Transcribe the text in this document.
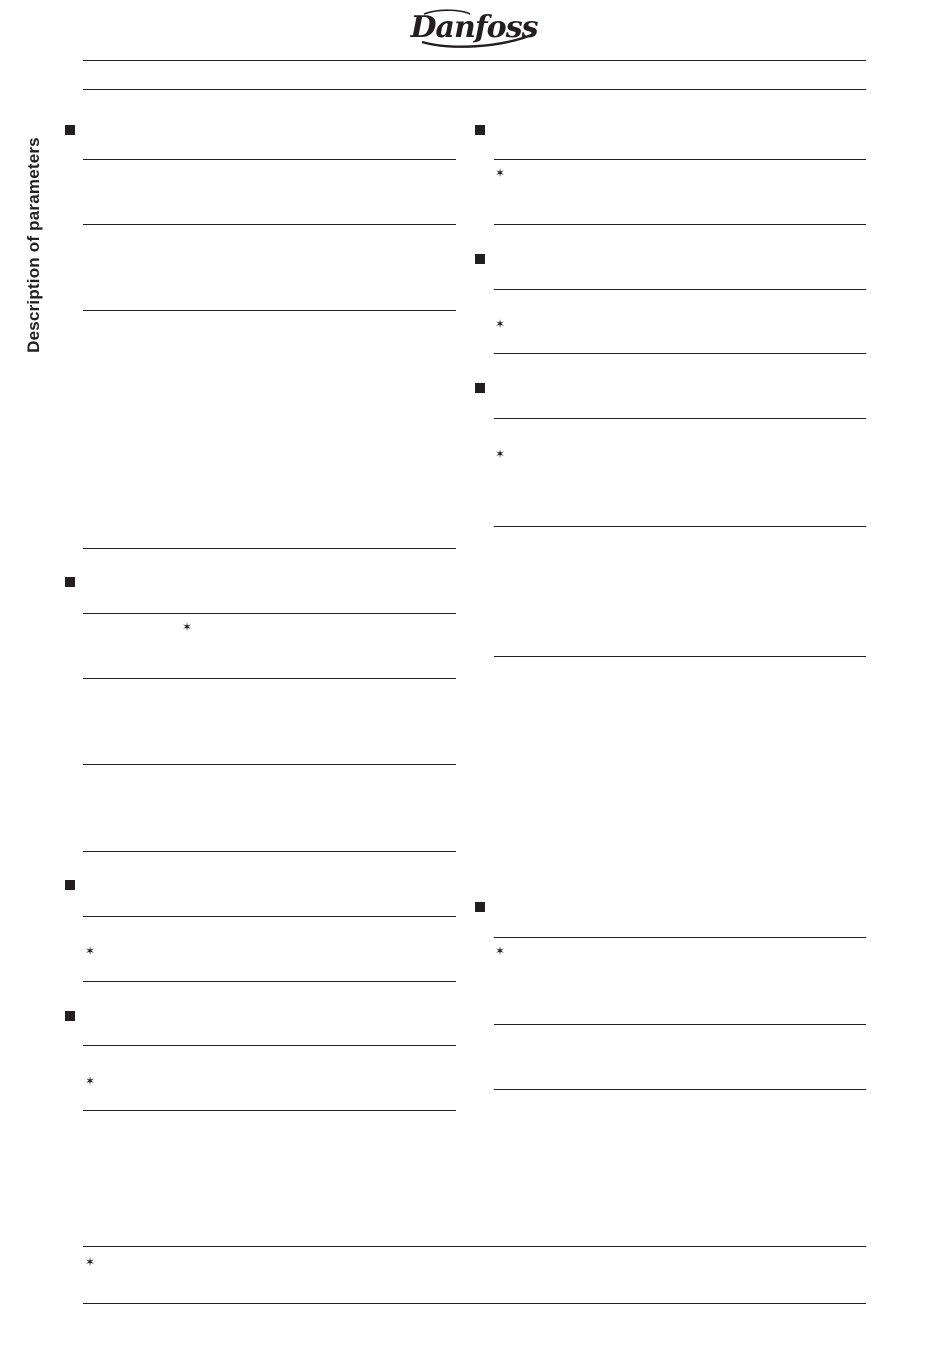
Danfoss
Description of parameters
✶
✶
✶
✶
✶
✶
✶
✶
